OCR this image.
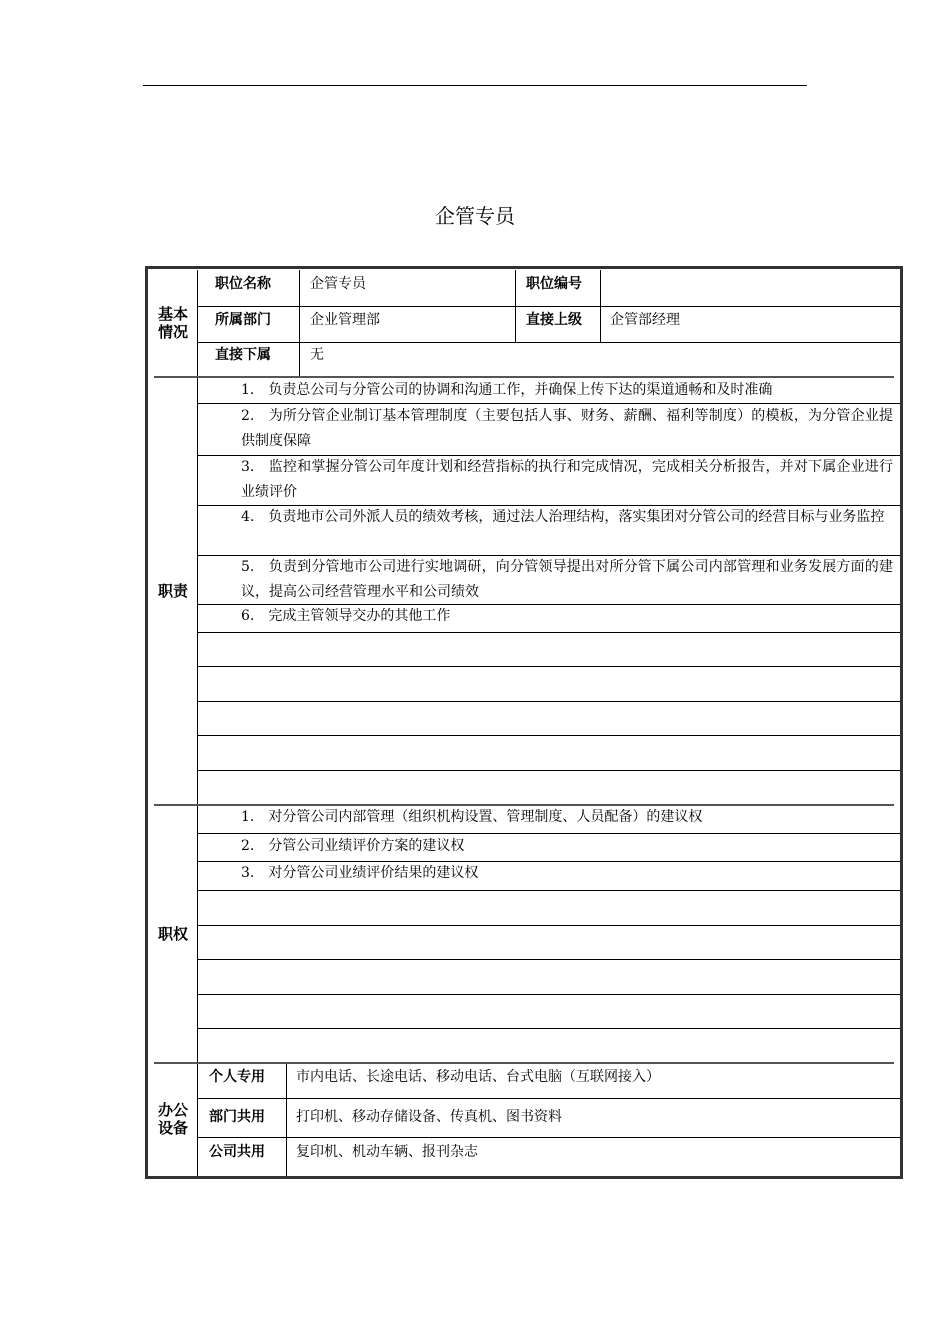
企管专员
基本
情况
职位名称	企管专员	职位编号
所属部门	企业管理部	直接上级 企管部经理
直接下属	无
职责
1.　负责总公司与分管公司的协调和沟通工作，并确保上传下达的渠道通畅和及时准确
2.　为所分管企业制订基本管理制度（主要包括人事、财务、薪酬、福利等制度）的模板，为分管企业提供制度保障
3.　监控和掌握分管公司年度计划和经营指标的执行和完成情况，完成相关分析报告，并对下属企业进行业绩评价
4.　负责地市公司外派人员的绩效考核，通过法人治理结构，落实集团对分管公司的经营目标与业务监控
5.　负责到分管地市公司进行实地调研，向分管领导提出对所分管下属公司内部管理和业务发展方面的建议，提高公司经营管理水平和公司绩效
6.　完成主管领导交办的其他工作
职权
1.　对分管公司内部管理（组织机构设置、管理制度、人员配备）的建议权
2.　分管公司业绩评价方案的建议权
3.　对分管公司业绩评价结果的建议权
办公
设备
个人专用 市内电话、长途电话、移动电话、台式电脑（互联网接入）
部门共用 打印机、移动存储设备、传真机、图书资料
公司共用 复印机、机动车辆、报刊杂志
